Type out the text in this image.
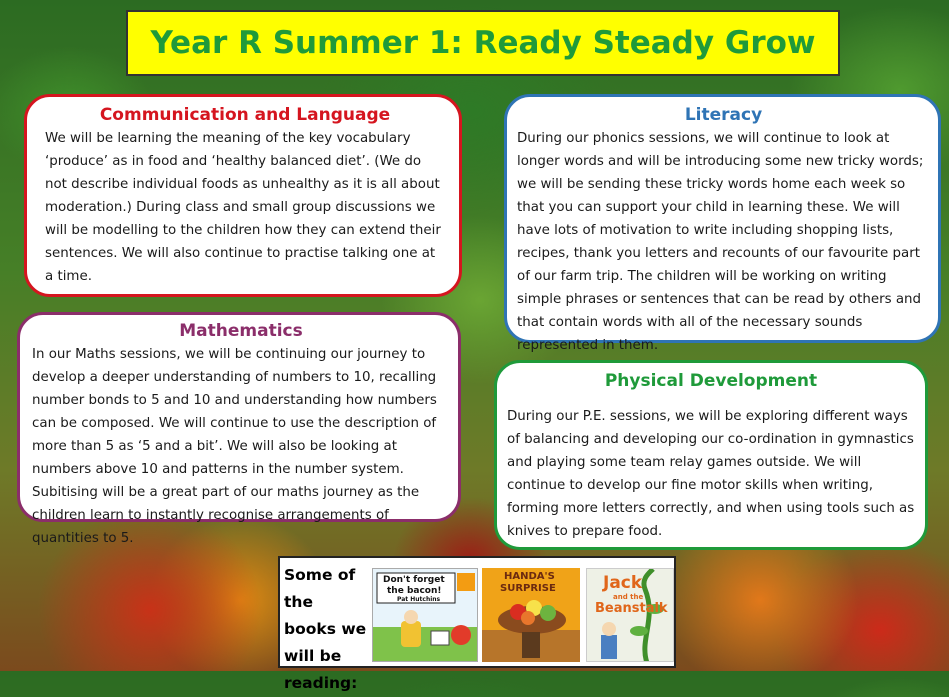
Year R Summer 1: Ready Steady Grow
Communication and Language

We will be learning the meaning of the key vocabulary ‘produce’ as in food and ‘healthy balanced diet’. (We do not describe individual foods as unhealthy as it is all about moderation.) During class and small group discussions we will be modelling to the children how they can extend their sentences. We will also continue to practise talking one at a time.

Literacy

During our phonics sessions, we will continue to look at longer words and will be introducing some new tricky words; we will be sending these tricky words home each week so that you can support your child in learning these. We will have lots of motivation to write including shopping lists, recipes, thank you letters and recounts of our favourite part of our farm trip. The children will be working on writing simple phrases or sentences that can be read by others and that contain words with all of the necessary sounds represented in them.

Mathematics

In our Maths sessions, we will be continuing our journey to develop a deeper understanding of numbers to 10, recalling number bonds to 5 and 10 and understanding how numbers can be composed. We will continue to use the description of more than 5 as ‘5 and a bit’. We will also be looking at numbers above 10 and patterns in the number system. Subitising will be a great part of our maths journey as the children learn to instantly recognise arrangements of quantities to 5.

Physical Development

During our P.E. sessions, we will be exploring different ways of balancing and developing our co-ordination in gymnastics and playing some team relay games outside. We will continue to develop our fine motor skills when writing, forming more letters correctly, and when using tools such as knives to prepare food.

Some of the books we will be reading:
Don't forget
the bacon!
Pat Hutchins
HANDA'S
SURPRISE	Jack
and the
Beanstalk
